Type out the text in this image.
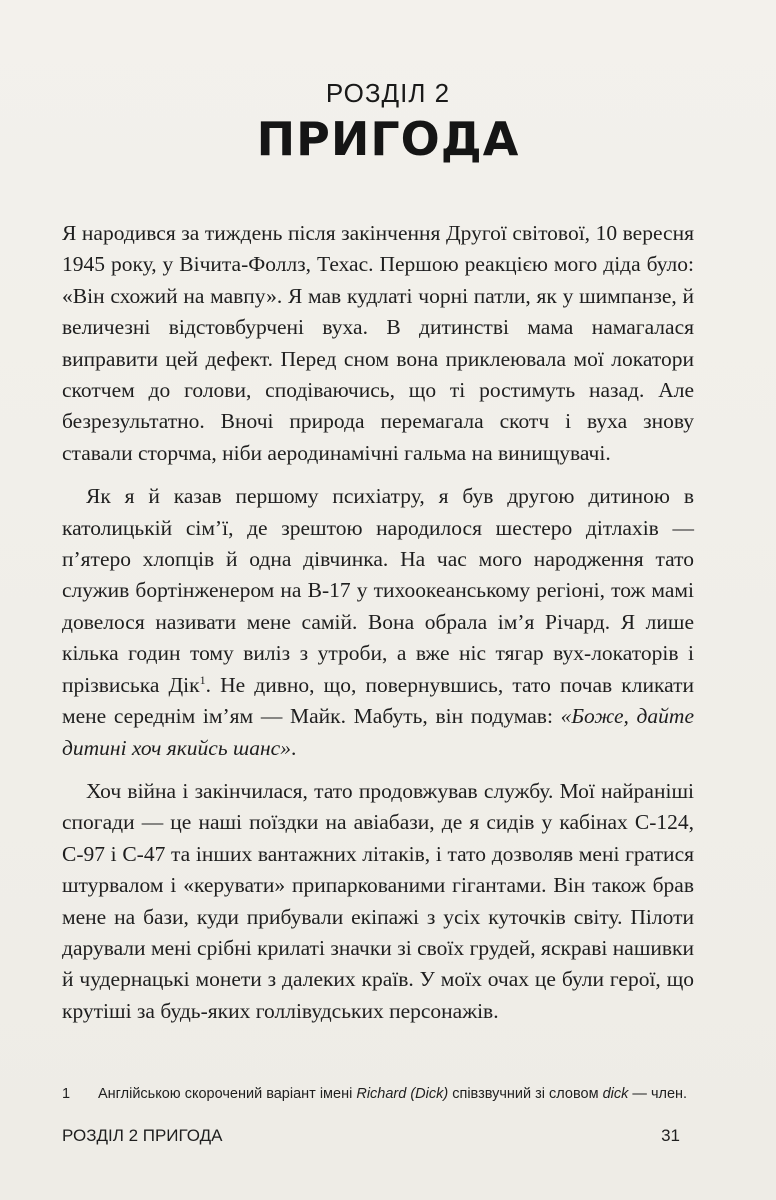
РОЗДІЛ 2
ПРИГОДА

Я народився за тиждень після закінчення Другої світової, 10 вересня 1945 року, у Вічита-Фоллз, Техас. Першою реакцією мого діда було: «Він схожий на мавпу». Я мав кудлаті чорні патли, як у шимпанзе, й величезні відстовбурчені вуха. В дитинстві мама намагалася виправити цей дефект. Перед сном вона приклеювала мої локатори скотчем до голови, сподіваючись, що ті ростимуть назад. Але безрезультатно. Вночі природа перемагала скотч і вуха знову ставали сторчма, ніби аеродинамічні гальма на винищувачі.

Як я й казав першому психіатру, я був другою дитиною в католицькій сім’ї, де зрештою народилося шестеро дітлахів — п’ятеро хлопців й одна дівчинка. На час мого народження тато служив бортінженером на B-17 у тихоокеанському регіоні, тож мамі довелося називати мене самій. Вона обрала ім’я Річард. Я лише кілька годин тому виліз з утроби, а вже ніс тягар вух-локаторів і прізвиська Дік$^1$. Не дивно, що, повернувшись, тато почав кликати мене середнім ім’ям — Майк. Мабуть, він подумав: «Боже, дайте дитині хоч якийсь шанс».

Хоч війна і закінчилася, тато продовжував службу. Мої найраніші спогади — це наші поїздки на авіабази, де я сидів у кабінах C-124, C-97 і C-47 та інших вантажних літаків, і тато дозволяв мені гратися штурвалом і «керувати» припаркованими гігантами. Він також брав мене на бази, куди прибували екіпажі з усіх куточків світу. Пілоти дарували мені срібні крилаті значки зі своїх грудей, яскраві нашивки й чудернацькі монети з далеких країв. У моїх очах це були герої, що крутіші за будь-яких голлівудських персонажів.

1	Англійською скорочений варіант імені Richard (Dick) співзвучний зі словом dick — член.
РОЗДІЛ 2 ПРИГОДА	31
